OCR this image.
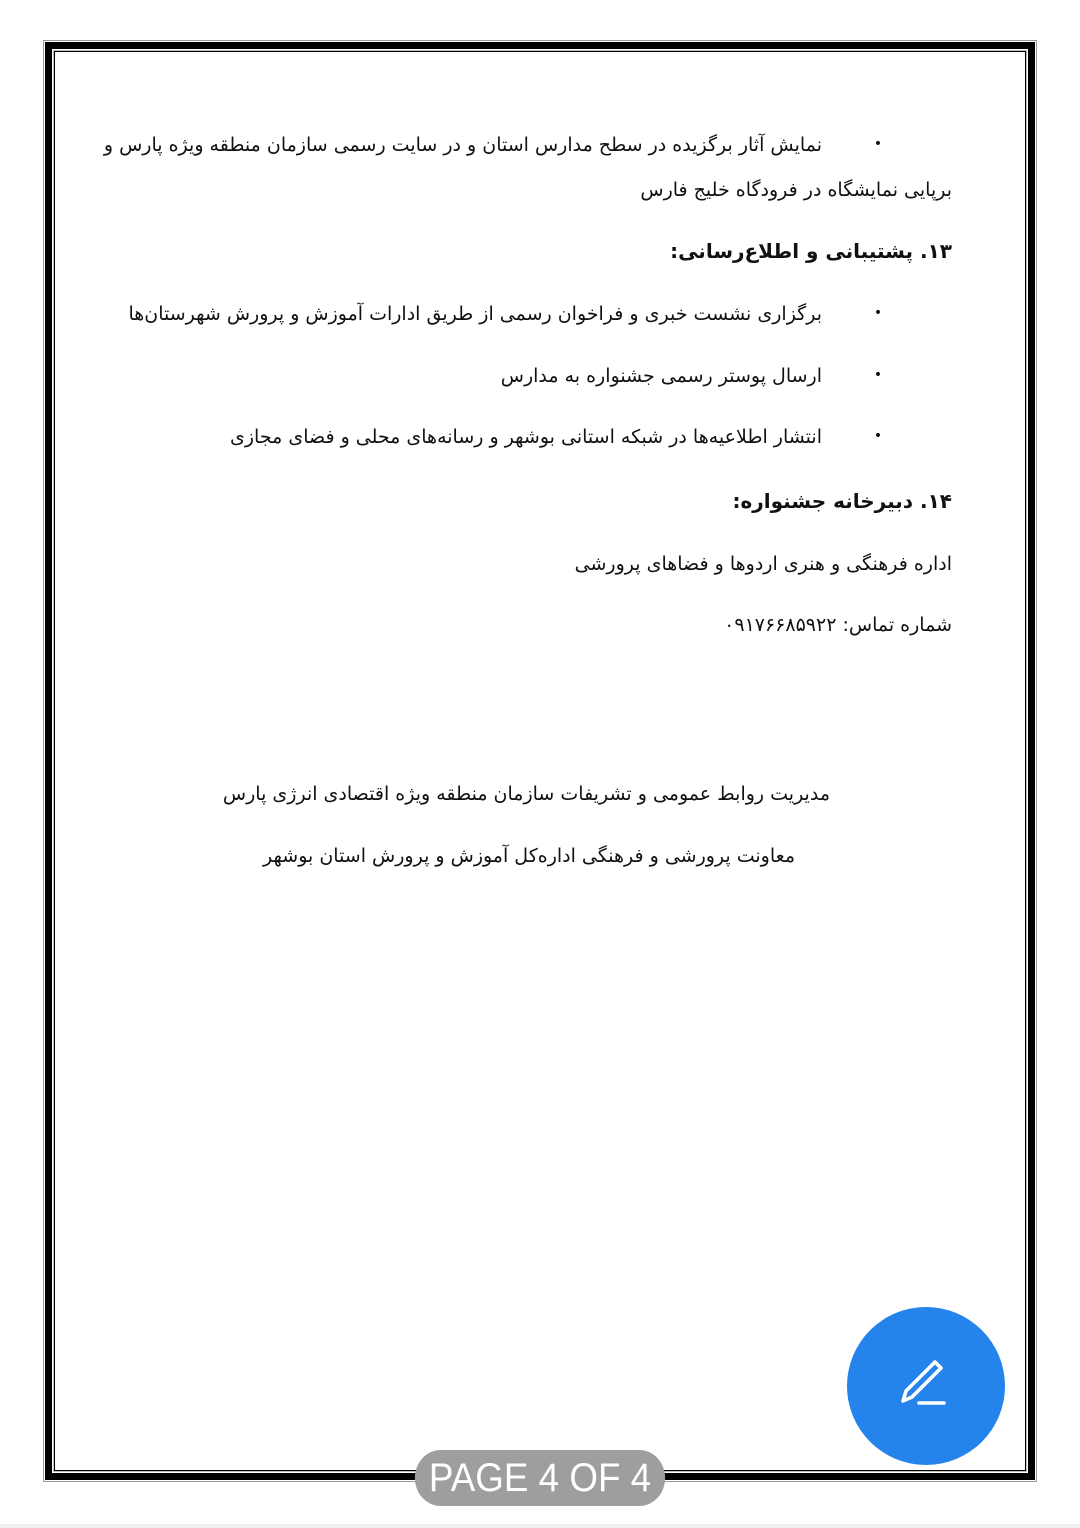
•
نمایش آثار برگزیده در سطح مدارس استان و در سایت رسمی سازمان منطقه ویژه پارس و
برپایی نمایشگاه در فرودگاه خلیج فارس
۱۳. پشتیبانی و اطلاع‌رسانی:
•
برگزاری نشست خبری و فراخوان رسمی از طریق ادارات آموزش و پرورش شهرستان‌ها
•
ارسال پوستر رسمی جشنواره به مدارس
•
انتشار اطلاعیه‌ها در شبکه استانی بوشهر و رسانه‌های محلی و فضای مجازی
۱۴. دبیرخانه جشنواره:
اداره فرهنگی و هنری اردوها و فضاهای پرورشی
شماره تماس: ۰۹۱۷۶۶۸۵۹۲۲
مدیریت روابط عمومی و تشریفات سازمان منطقه ویژه اقتصادی انرژی پارس
معاونت پرورشی و فرهنگی اداره‌کل آموزش و پرورش استان بوشهر
PAGE 4 OF 4
